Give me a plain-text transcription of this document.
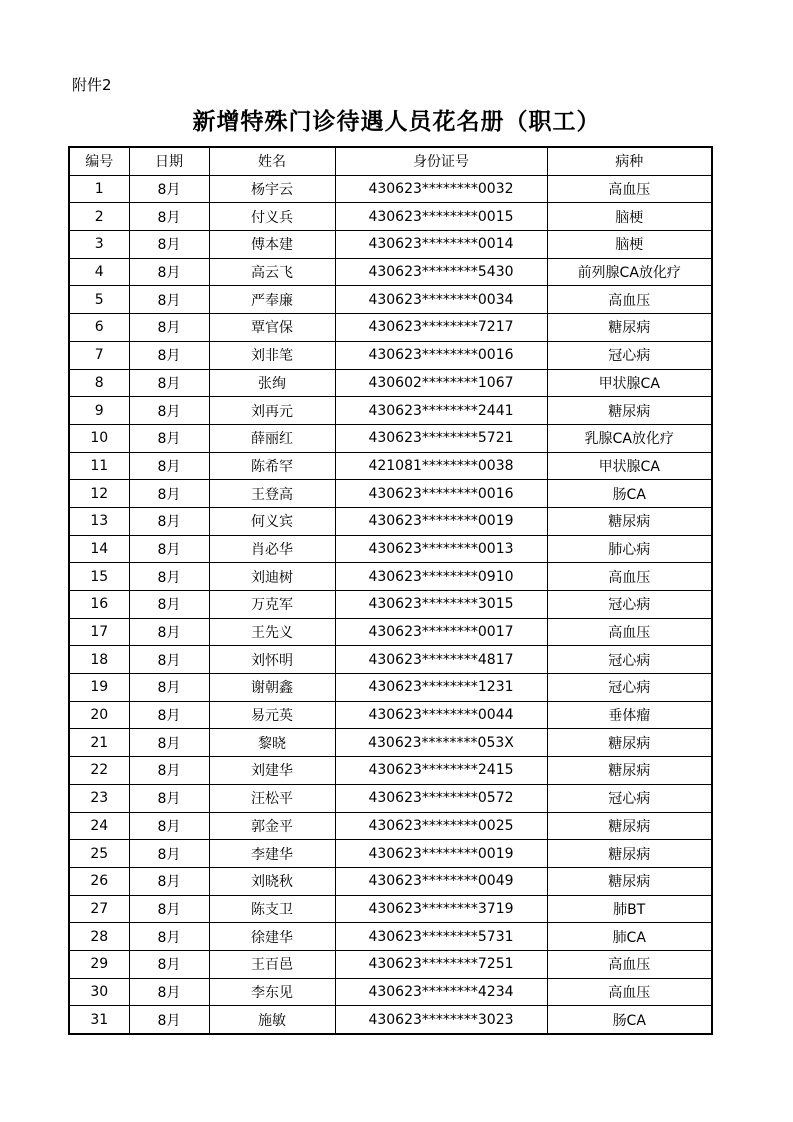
附件2
新增特殊门诊待遇人员花名册（职工）
编号	日期	姓名	身份证号	病种
1	8月	杨宇云	430623********0032	高血压
2	8月	付义兵	430623********0015	脑梗
3	8月	傅本建	430623********0014	脑梗
4	8月	高云飞	430623********5430	前列腺CA放化疗
5	8月	严奉廉	430623********0034	高血压
6	8月	覃官保	430623********7217	糖尿病
7	8月	刘非笔	430623********0016	冠心病
8	8月	张绚	430602********1067	甲状腺CA
9	8月	刘再元	430623********2441	糖尿病
10	8月	薛丽红	430623********5721	乳腺CA放化疗
11	8月	陈希罕	421081********0038	甲状腺CA
12	8月	王登高	430623********0016	肠CA
13	8月	何义宾	430623********0019	糖尿病
14	8月	肖必华	430623********0013	肺心病
15	8月	刘迪树	430623********0910	高血压
16	8月	万克军	430623********3015	冠心病
17	8月	王先义	430623********0017	高血压
18	8月	刘怀明	430623********4817	冠心病
19	8月	谢朝鑫	430623********1231	冠心病
20	8月	易元英	430623********0044	垂体瘤
21	8月	黎晓	430623********053X	糖尿病
22	8月	刘建华	430623********2415	糖尿病
23	8月	汪松平	430623********0572	冠心病
24	8月	郭金平	430623********0025	糖尿病
25	8月	李建华	430623********0019	糖尿病
26	8月	刘晓秋	430623********0049	糖尿病
27	8月	陈支卫	430623********3719	肺BT
28	8月	徐建华	430623********5731	肺CA
29	8月	王百邑	430623********7251	高血压
30	8月	李东见	430623********4234	高血压
31	8月	施敏	430623********3023	肠CA
